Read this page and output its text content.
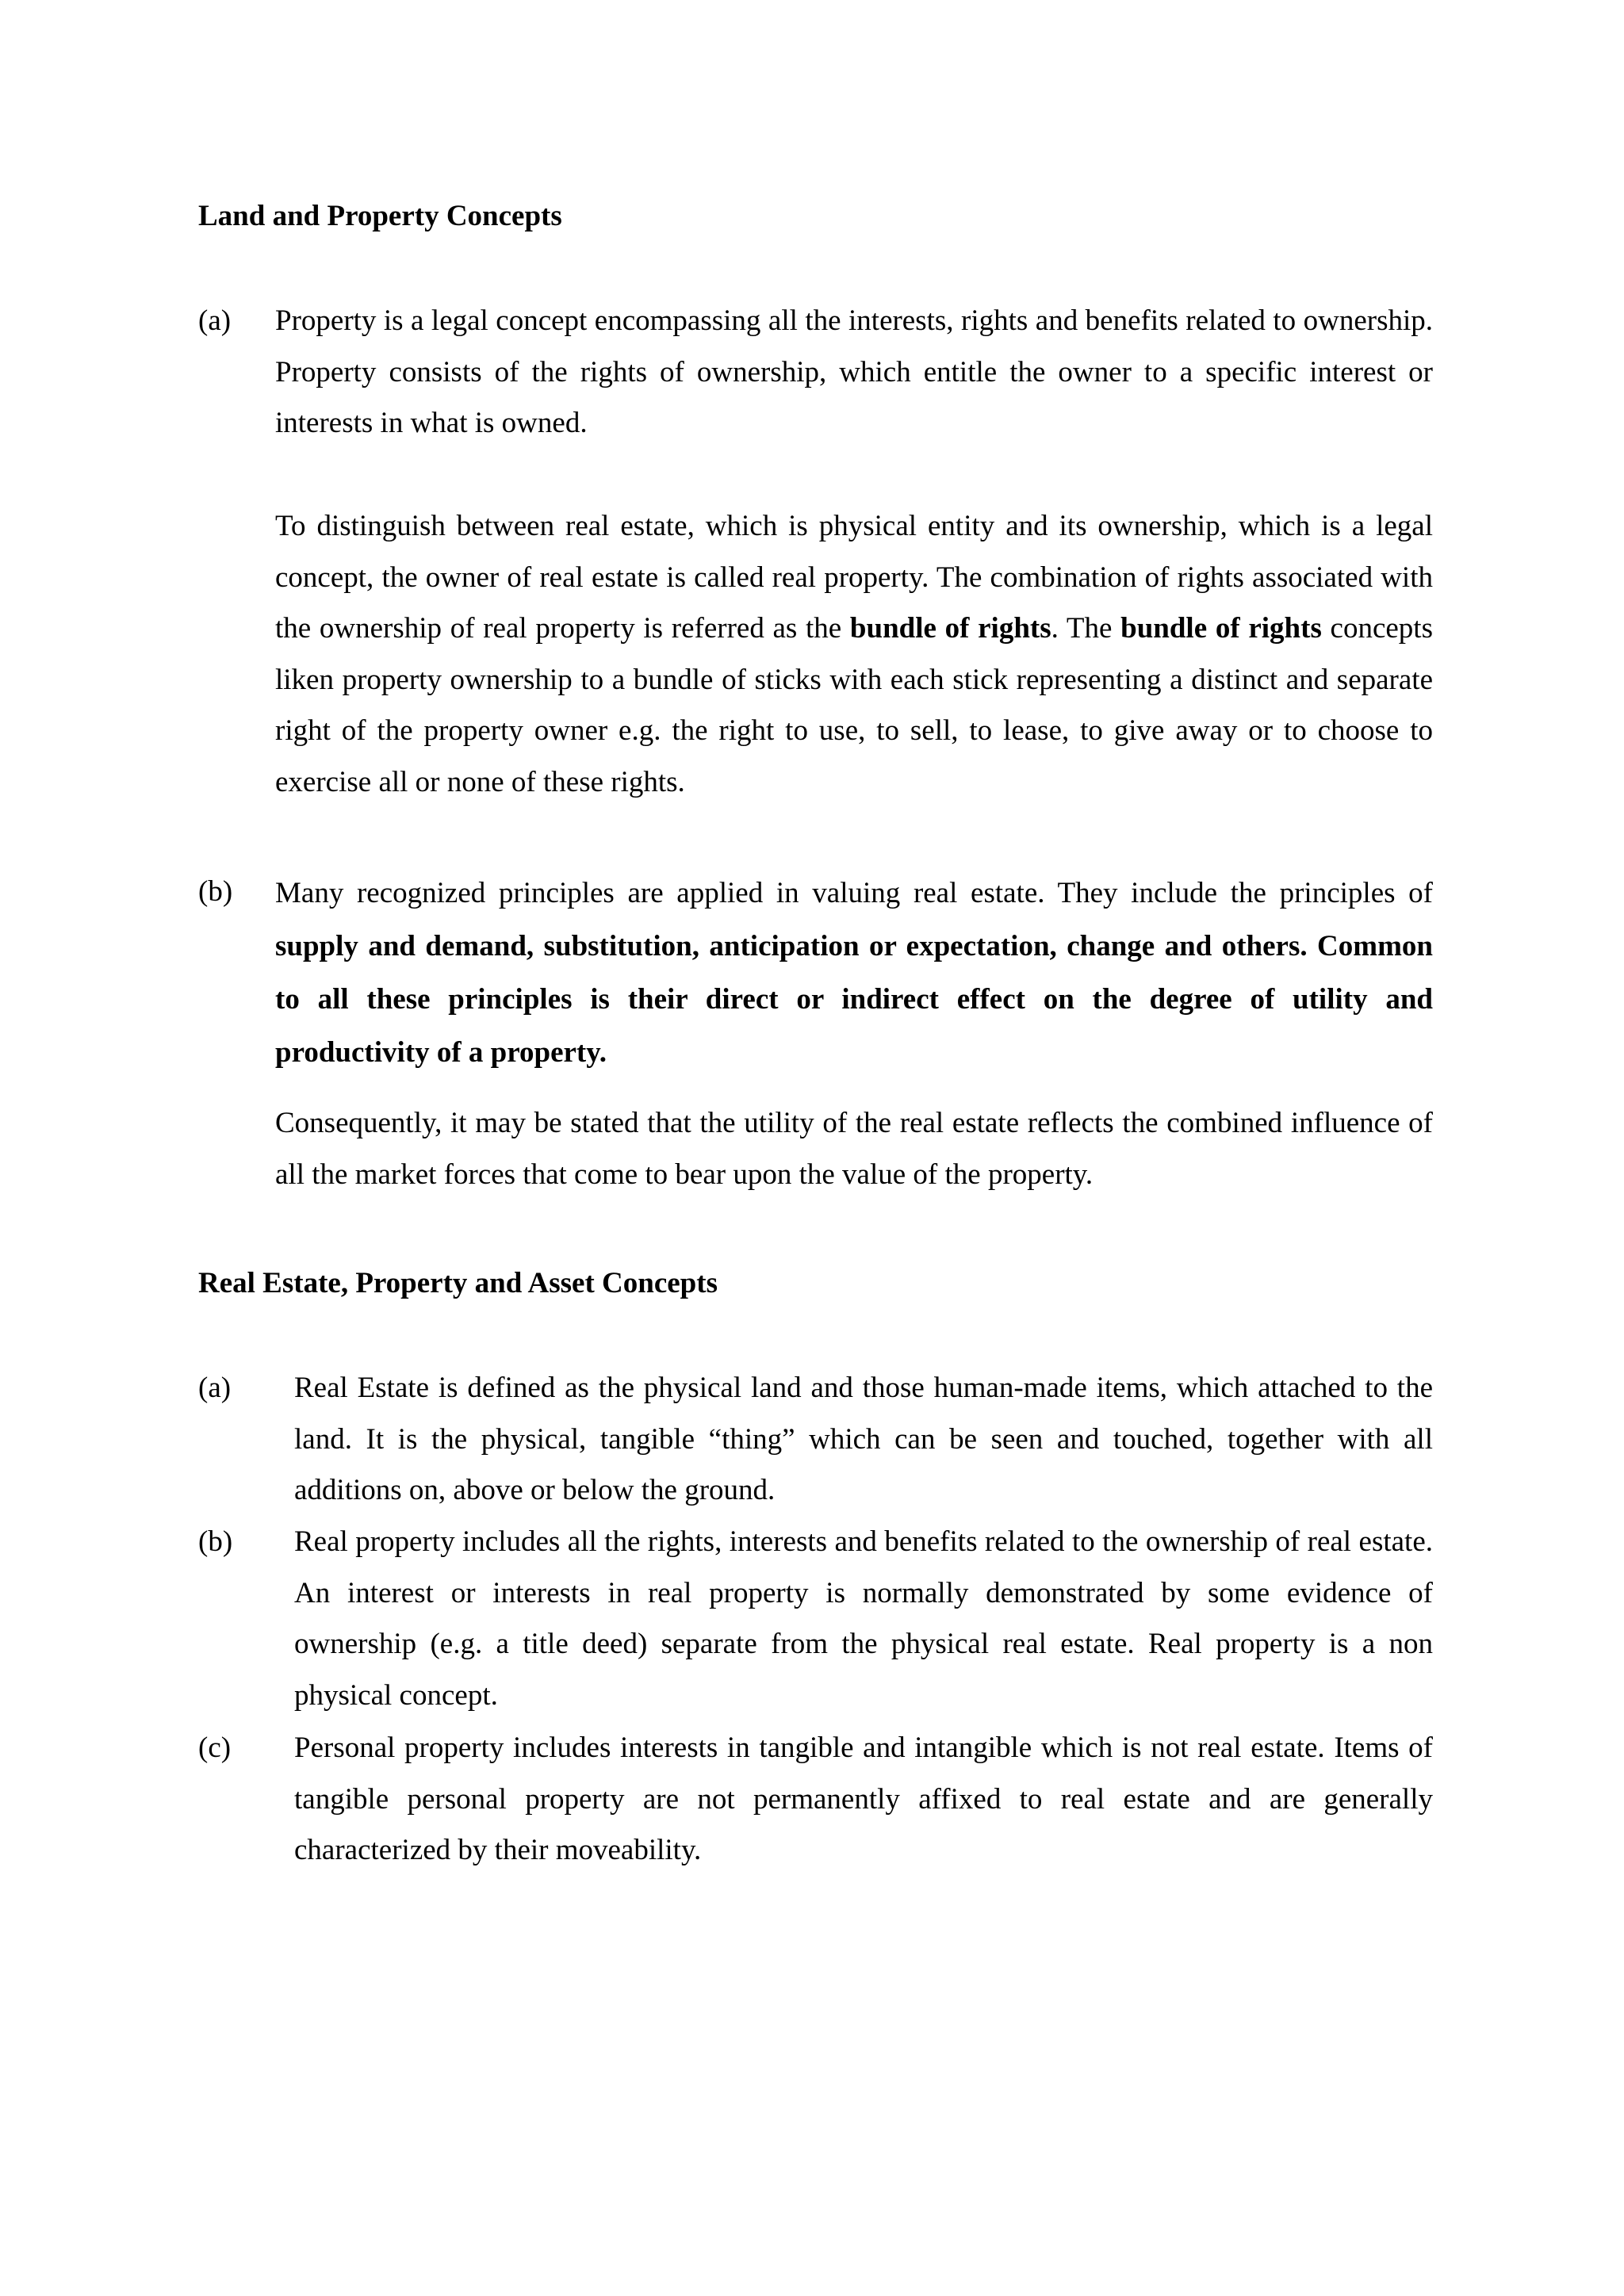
Land and Property Concepts
(a) Property is a legal concept encompassing all the interests, rights and benefits related to ownership. Property consists of the rights of ownership, which entitle the owner to a specific interest or interests in what is owned.
To distinguish between real estate, which is physical entity and its ownership, which is a legal concept, the owner of real estate is called real property. The combination of rights associated with the ownership of real property is referred as the bundle of rights. The bundle of rights concepts liken property ownership to a bundle of sticks with each stick representing a distinct and separate right of the property owner e.g. the right to use, to sell, to lease, to give away or to choose to exercise all or none of these rights.
(b) Many recognized principles are applied in valuing real estate. They include the principles of supply and demand, substitution, anticipation or expectation, change and others. Common to all these principles is their direct or indirect effect on the degree of utility and productivity of a property.
Consequently, it may be stated that the utility of the real estate reflects the combined influence of all the market forces that come to bear upon the value of the property.
Real Estate, Property and Asset Concepts
(a) Real Estate is defined as the physical land and those human-made items, which attached to the land. It is the physical, tangible “thing” which can be seen and touched, together with all additions on, above or below the ground.
(b) Real property includes all the rights, interests and benefits related to the ownership of real estate. An interest or interests in real property is normally demonstrated by some evidence of ownership (e.g. a title deed) separate from the physical real estate. Real property is a non physical concept.
(c) Personal property includes interests in tangible and intangible which is not real estate. Items of tangible personal property are not permanently affixed to real estate and are generally characterized by their moveability.
